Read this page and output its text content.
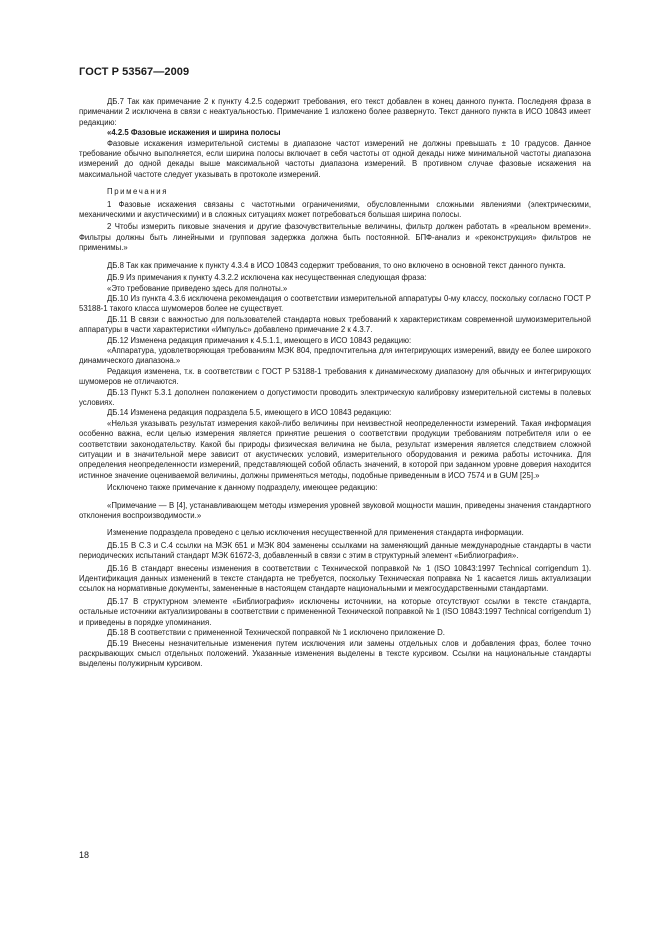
ГОСТ Р 53567—2009

ДБ.7 Так как примечание 2 к пункту 4.2.5 содержит требования, его текст добавлен в конец данного пункта. Последняя фраза в примечании 2 исключена в связи с неактуальностью. Примечание 1 изложено более развернуто. Текст данного пункта в ИСО 10843 имеет редакцию:

«4.2.5 Фазовые искажения и ширина полосы

Фазовые искажения измерительной системы в диапазоне частот измерений не должны превышать ± 10 градусов. Данное требование обычно выполняется, если ширина полосы включает в себя частоты от одной декады ниже минимальной частоты диапазона измерений до одной декады выше максимальной частоты диапазона измерений. В противном случае фазовые искажения на максимальной частоте следует указывать в протоколе измерений.

Примечания

1 Фазовые искажения связаны с частотными ограничениями, обусловленными сложными явлениями (электрическими, механическими и акустическими) и в сложных ситуациях может потребоваться большая ширина полосы.

2 Чтобы измерить пиковые значения и другие фазочувствительные величины, фильтр должен работать в «реальном времени». Фильтры должны быть линейными и групповая задержка должна быть постоянной. БПФ-анализ и «реконструкция» фильтров не применимы.»

ДБ.8 Так как примечание к пункту 4.3.4 в ИСО 10843 содержит требования, то оно включено в основной текст данного пункта.

ДБ.9 Из примечания к пункту 4.3.2.2 исключена как несущественная следующая фраза:

«Это требование приведено здесь для полноты.»

ДБ.10 Из пункта 4.3.6 исключена рекомендация о соответствии измерительной аппаратуры 0-му классу, поскольку согласно ГОСТ Р 53188-1 такого класса шумомеров более не существует.

ДБ.11 В связи с важностью для пользователей стандарта новых требований к характеристикам современной шумоизмерительной аппаратуры в части характеристики «Импульс» добавлено примечание 2 к 4.3.7.

ДБ.12 Изменена редакция примечания к 4.5.1.1, имеющего в ИСО 10843 редакцию:

«Аппаратура, удовлетворяющая требованиям МЭК 804, предпочтительна для интегрирующих измерений, ввиду ее более широкого динамического диапазона.»

Редакция изменена, т.к. в соответствии с ГОСТ Р 53188-1 требования к динамическому диапазону для обычных и интегрирующих шумомеров не отличаются.

ДБ.13 Пункт 5.3.1 дополнен положением о допустимости проводить электрическую калибровку измерительной системы в полевых условиях.

ДБ.14 Изменена редакция подраздела 5.5, имеющего в ИСО 10843 редакцию:

«Нельзя указывать результат измерения какой-либо величины при неизвестной неопределенности измерений. Такая информация особенно важна, если целью измерения является принятие решения о соответствии продукции требованиям потребителя или о ее соответствии законодательству. Какой бы природы физическая величина не была, результат измерения является следствием сложной ситуации и в значительной мере зависит от акустических условий, измерительного оборудования и режима работы источника. Для определения неопределенности измерений, представляющей собой область значений, в которой при заданном уровне доверия находится истинное значение оцениваемой величины, должны применяться методы, подобные приведенным в ИСО 7574 и в GUM [25].»

Исключено также примечание к данному подразделу, имеющее редакцию:

«Примечание — В [4], устанавливающем методы измерения уровней звуковой мощности машин, приведены значения стандартного отклонения воспроизводимости.»

Изменение подраздела проведено с целью исключения несущественной для применения стандарта информации.

ДБ.15 В С.3 и С.4 ссылки на МЭК 651 и МЭК 804 заменены ссылками на заменяющий данные международные стандарты в части периодических испытаний стандарт МЭК 61672-3, добавленный в связи с этим в структурный элемент «Библиография».

ДБ.16 В стандарт внесены изменения в соответствии с Технической поправкой № 1 (ISO 10843:1997 Technical corrigendum 1). Идентификация данных изменений в тексте стандарта не требуется, поскольку Техническая поправка № 1 касается лишь актуализации ссылок на нормативные документы, замененные в настоящем стандарте национальными и межгосударственными стандартами.

ДБ.17 В структурном элементе «Библиография» исключены источники, на которые отсутствуют ссылки в тексте стандарта, остальные источники актуализированы в соответствии с примененной Технической поправкой № 1 (ISO 10843:1997 Technical corrigendum 1) и приведены в порядке упоминания.

ДБ.18 В соответствии с примененной Технической поправкой № 1 исключено приложение D.

ДБ.19 Внесены незначительные изменения путем исключения или замены отдельных слов и добавления фраз, более точно раскрывающих смысл отдельных положений. Указанные изменения выделены в тексте курсивом. Ссылки на национальные стандарты выделены полужирным курсивом.

18
